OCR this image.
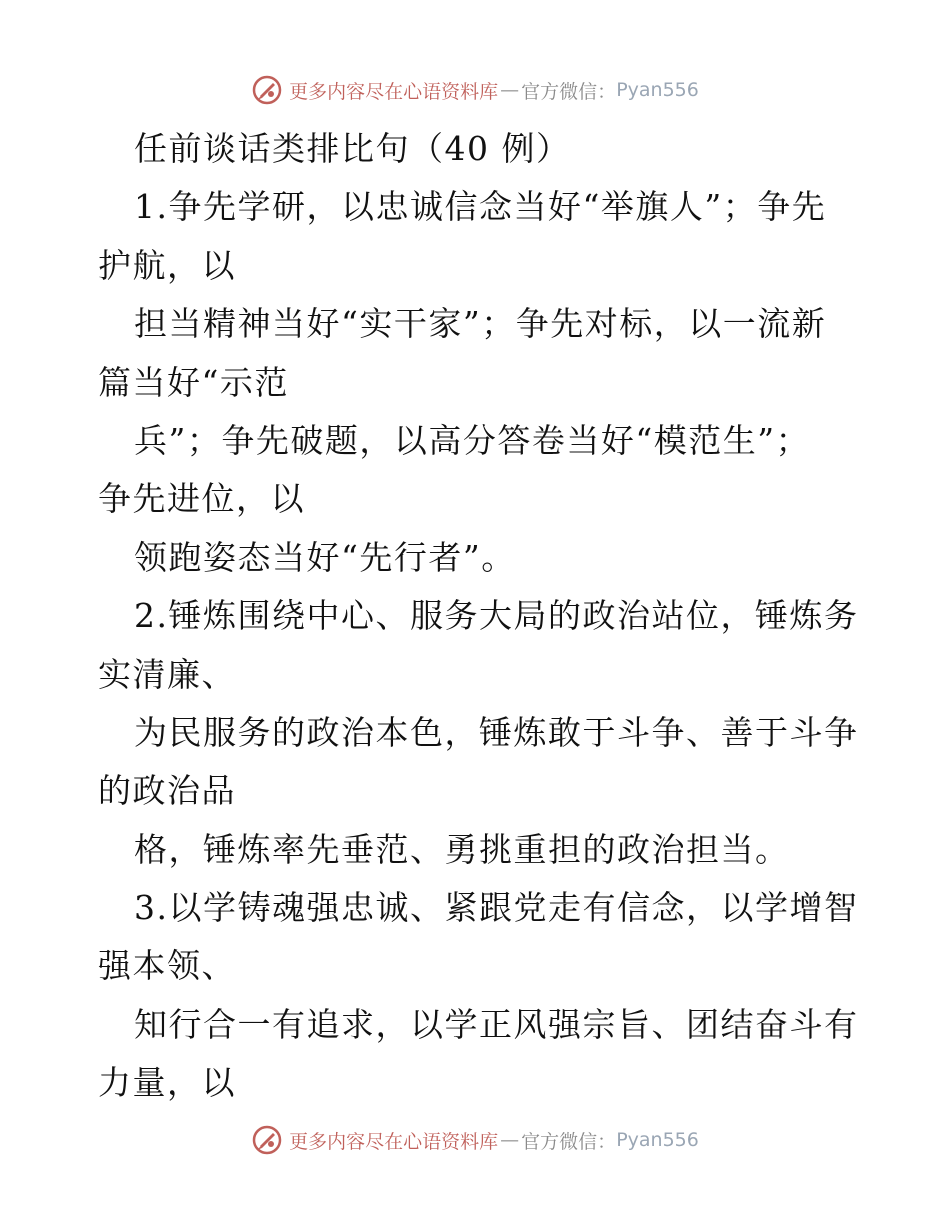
更多内容尽在心语资料库 — 官方微信： Pyan556
任前谈话类排比句（40 例）
1.争先学研，以忠诚信念当好“举旗人”；争先
护航，以
担当精神当好“实干家”；争先对标，以一流新
篇当好“示范
兵”；争先破题，以高分答卷当好“模范生”；
争先进位，以
领跑姿态当好“先行者”。
2.锤炼围绕中心、服务大局的政治站位，锤炼务
实清廉、
为民服务的政治本色，锤炼敢于斗争、善于斗争
的政治品
格，锤炼率先垂范、勇挑重担的政治担当。
3.以学铸魂强忠诚、紧跟党走有信念，以学增智
强本领、
知行合一有追求，以学正风强宗旨、团结奋斗有
力量，以
更多内容尽在心语资料库 — 官方微信： Pyan556
